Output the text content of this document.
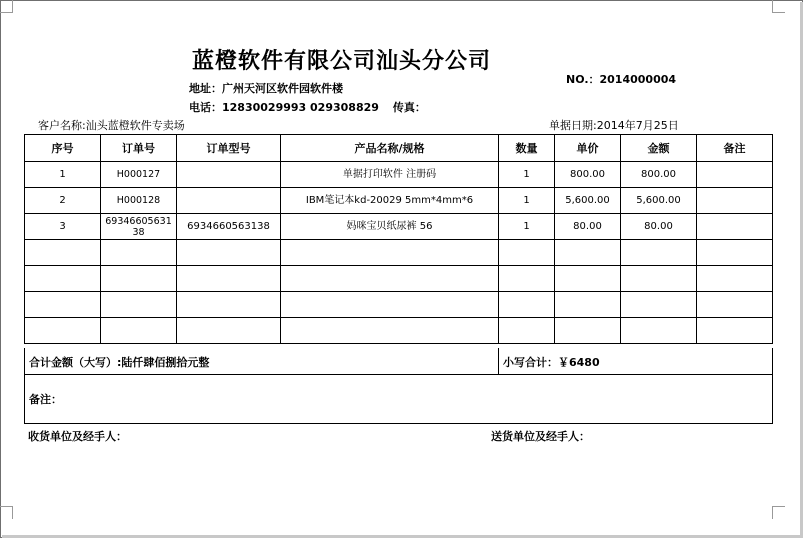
蓝橙软件有限公司汕头分公司
NO.：2014000004
地址：广州天河区软件园软件楼
电话：12830029993 029308829 传真：
客户名称:汕头蓝橙软件专卖场	单据日期:2014年7月25日
序号	订单号	订单型号	产品名称/规格	数量	单价	金额	备注
1	H000127		单据打印软件 注册码	1	800.00	800.00	
2	H000128		IBM笔记本kd-20029 5mm*4mm*6	1	5,600.00	5,600.00	
3	6934660563138	6934660563138	妈咪宝贝纸尿裤 56	1	80.00	80.00	

合计金额（大写）:陆仟肆佰捌拾元整	小写合计：￥6480
备注：
收货单位及经手人：	送货单位及经手人：
